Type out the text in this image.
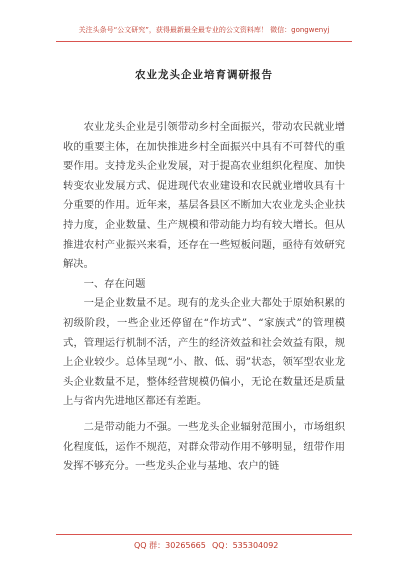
关注头条号“公文研究”，获得最新最全最专业的公文资料库！ 微信：gongwenyj
农业龙头企业培育调研报告

农业龙头企业是引领带动乡村全面振兴，带动农民就业增收的重要主体，在加快推进乡村全面振兴中具有不可替代的重要作用。支持龙头企业发展，对于提高农业组织化程度、加快转变农业发展方式、促进现代农业建设和农民就业增收具有十分重要的作用。近年来，基层各县区不断加大农业龙头企业扶持力度，企业数量、生产规模和带动能力均有较大增长。但从推进农村产业振兴来看，还存在一些短板问题，亟待有效研究解决。

一、存在问题

一是企业数量不足。现有的龙头企业大都处于原始积累的初级阶段，一些企业还停留在“作坊式”、“家族式”的管理模式，管理运行机制不活，产生的经济效益和社会效益有限，规上企业较少。总体呈现“小、散、低、弱”状态，领军型农业龙头企业数量不足，整体经营规模仍偏小，无论在数量还是质量上与省内先进地区都还有差距。

二是带动能力不强。一些龙头企业辐射范围小，市场组织化程度低，运作不规范，对群众带动作用不够明显，纽带作用发挥不够充分。一些龙头企业与基地、农户的链

QQ 群：30265665 QQ：535304092
